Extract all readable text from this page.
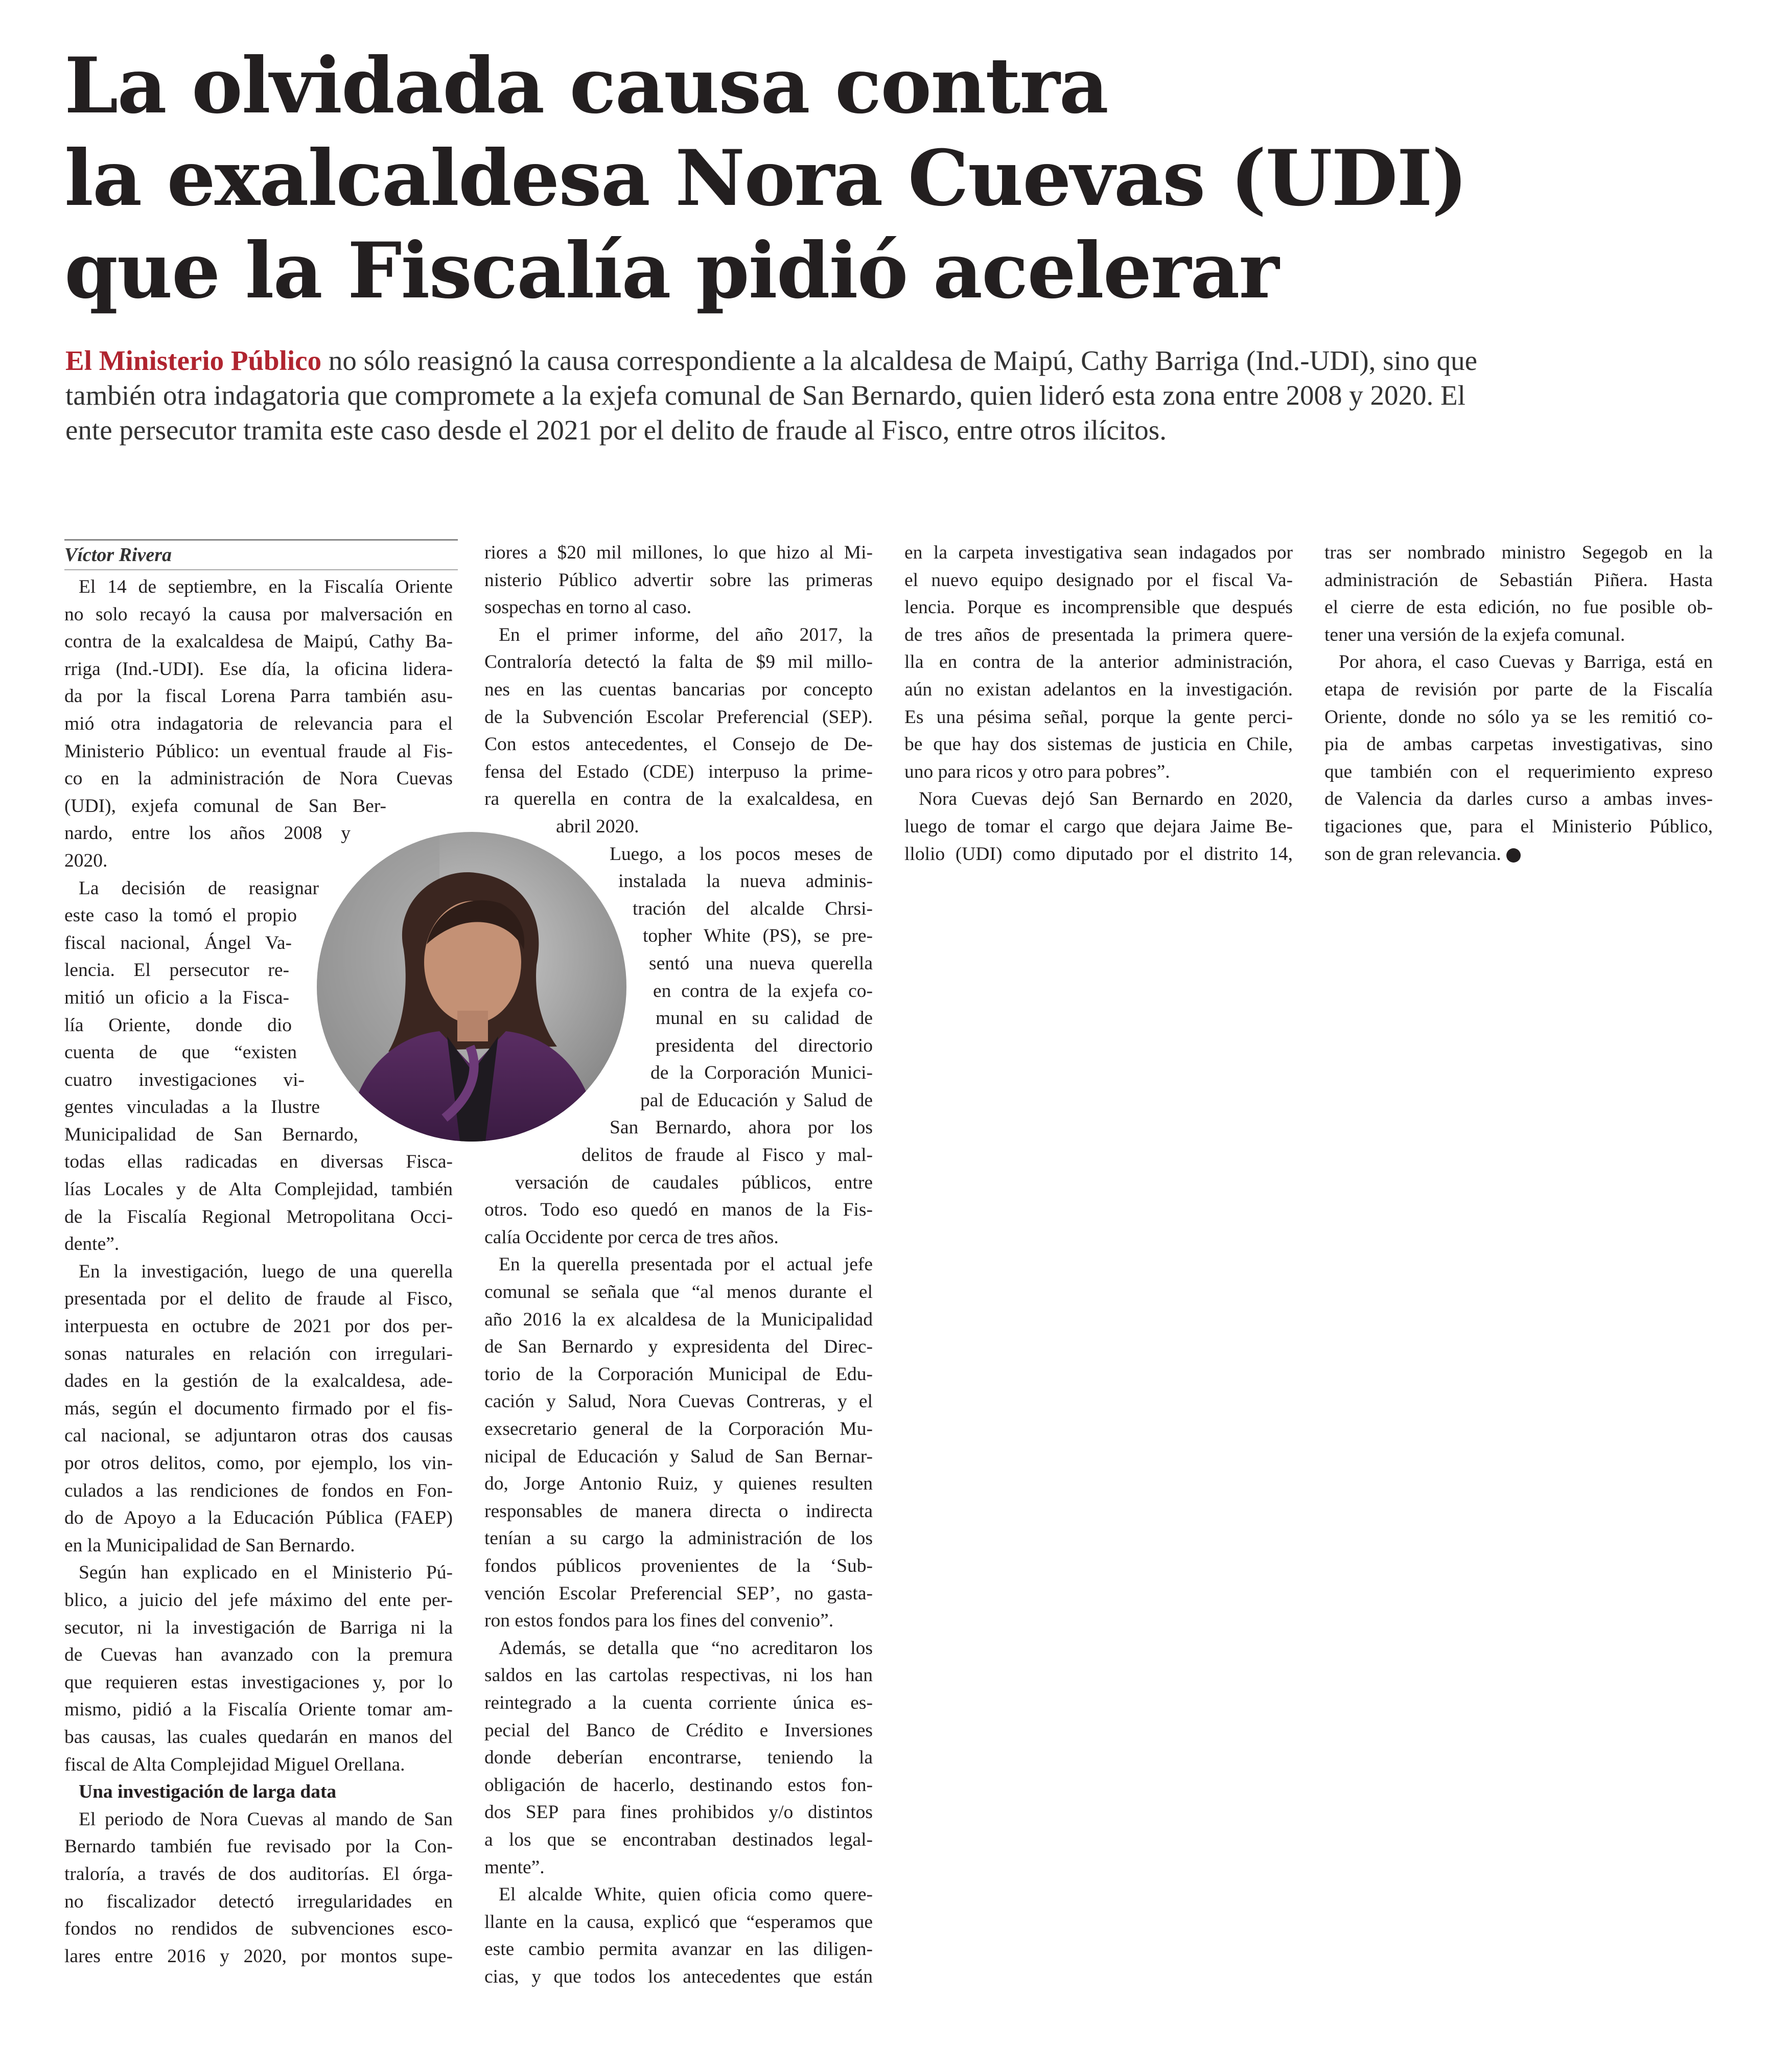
La olvidada causa contra
la exalcaldesa Nora Cuevas (UDI)
que la Fiscalía pidió acelerar

El Ministerio Público no sólo reasignó la causa correspondiente a la alcaldesa de Maipú, Cathy Barriga (Ind.-UDI), sino que
también otra indagatoria que compromete a la exjefa comunal de San Bernardo, quien lideró esta zona entre 2008 y 2020. El
ente persecutor tramita este caso desde el 2021 por el delito de fraude al Fisco, entre otros ilícitos.

Víctor Rivera
El 14 de septiembre, en la Fiscalía Oriente
no solo recayó la causa por malversación en
contra de la exalcaldesa de Maipú, Cathy Ba-
rriga (Ind.-UDI). Ese día, la oficina lidera-
da por la fiscal Lorena Parra también asu-
mió otra indagatoria de relevancia para el
Ministerio Público: un eventual fraude al Fis-
co en la administración de Nora Cuevas
(UDI), exjefa comunal de San Ber-
nardo, entre los años 2008 y
2020.
La decisión de reasignar
este caso la tomó el propio
fiscal nacional, Ángel Va-
lencia. El persecutor re-
mitió un oficio a la Fisca-
lía Oriente, donde dio
cuenta de que “existen
cuatro investigaciones vi-
gentes vinculadas a la Ilustre
Municipalidad de San Bernardo,
todas ellas radicadas en diversas Fisca-
lías Locales y de Alta Complejidad, también
de la Fiscalía Regional Metropolitana Occi-
dente”.
En la investigación, luego de una querella
presentada por el delito de fraude al Fisco,
interpuesta en octubre de 2021 por dos per-
sonas naturales en relación con irregulari-
dades en la gestión de la exalcaldesa, ade-
más, según el documento firmado por el fis-
cal nacional, se adjuntaron otras dos causas
por otros delitos, como, por ejemplo, los vin-
culados a las rendiciones de fondos en Fon-
do de Apoyo a la Educación Pública (FAEP)
en la Municipalidad de San Bernardo.
Según han explicado en el Ministerio Pú-
blico, a juicio del jefe máximo del ente per-
secutor, ni la investigación de Barriga ni la
de Cuevas han avanzado con la premura
que requieren estas investigaciones y, por lo
mismo, pidió a la Fiscalía Oriente tomar am-
bas causas, las cuales quedarán en manos del
fiscal de Alta Complejidad Miguel Orellana.
Una investigación de larga data
El periodo de Nora Cuevas al mando de San
Bernardo también fue revisado por la Con-
traloría, a través de dos auditorías. El órga-
no fiscalizador detectó irregularidades en
fondos no rendidos de subvenciones esco-
lares entre 2016 y 2020, por montos supe-
riores a $20 mil millones, lo que hizo al Mi-
nisterio Público advertir sobre las primeras
sospechas en torno al caso.
En el primer informe, del año 2017, la
Contraloría detectó la falta de $9 mil millo-
nes en las cuentas bancarias por concepto
de la Subvención Escolar Preferencial (SEP).
Con estos antecedentes, el Consejo de De-
fensa del Estado (CDE) interpuso la prime-
ra querella en contra de la exalcaldesa, en
abril 2020.
Luego, a los pocos meses de
instalada la nueva adminis-
tración del alcalde Chrsi-
topher White (PS), se pre-
sentó una nueva querella
en contra de la exjefa co-
munal en su calidad de
presidenta del directorio
de la Corporación Munici-
pal de Educación y Salud de
San Bernardo, ahora por los
delitos de fraude al Fisco y mal-
versación de caudales públicos, entre
otros. Todo eso quedó en manos de la Fis-
calía Occidente por cerca de tres años.
En la querella presentada por el actual jefe
comunal se señala que “al menos durante el
año 2016 la ex alcaldesa de la Municipalidad
de San Bernardo y expresidenta del Direc-
torio de la Corporación Municipal de Edu-
cación y Salud, Nora Cuevas Contreras, y el
exsecretario general de la Corporación Mu-
nicipal de Educación y Salud de San Bernar-
do, Jorge Antonio Ruiz, y quienes resulten
responsables de manera directa o indirecta
tenían a su cargo la administración de los
fondos públicos provenientes de la ‘Sub-
vención Escolar Preferencial SEP’, no gasta-
ron estos fondos para los fines del convenio”.
Además, se detalla que “no acreditaron los
saldos en las cartolas respectivas, ni los han
reintegrado a la cuenta corriente única es-
pecial del Banco de Crédito e Inversiones
donde deberían encontrarse, teniendo la
obligación de hacerlo, destinando estos fon-
dos SEP para fines prohibidos y/o distintos
a los que se encontraban destinados legal-
mente”.
El alcalde White, quien oficia como quere-
llante en la causa, explicó que “esperamos que
este cambio permita avanzar en las diligen-
cias, y que todos los antecedentes que están
en la carpeta investigativa sean indagados por
el nuevo equipo designado por el fiscal Va-
lencia. Porque es incomprensible que después
de tres años de presentada la primera quere-
lla en contra de la anterior administración,
aún no existan adelantos en la investigación.
Es una pésima señal, porque la gente perci-
be que hay dos sistemas de justicia en Chile,
uno para ricos y otro para pobres”.
Nora Cuevas dejó San Bernardo en 2020,
luego de tomar el cargo que dejara Jaime Be-
llolio (UDI) como diputado por el distrito 14,
tras ser nombrado ministro Segegob en la
administración de Sebastián Piñera. Hasta
el cierre de esta edición, no fue posible ob-
tener una versión de la exjefa comunal.
Por ahora, el caso Cuevas y Barriga, está en
etapa de revisión por parte de la Fiscalía
Oriente, donde no sólo ya se les remitió co-
pia de ambas carpetas investigativas, sino
que también con el requerimiento expreso
de Valencia da darles curso a ambas inves-
tigaciones que, para el Ministerio Público,
son de gran relevancia.
